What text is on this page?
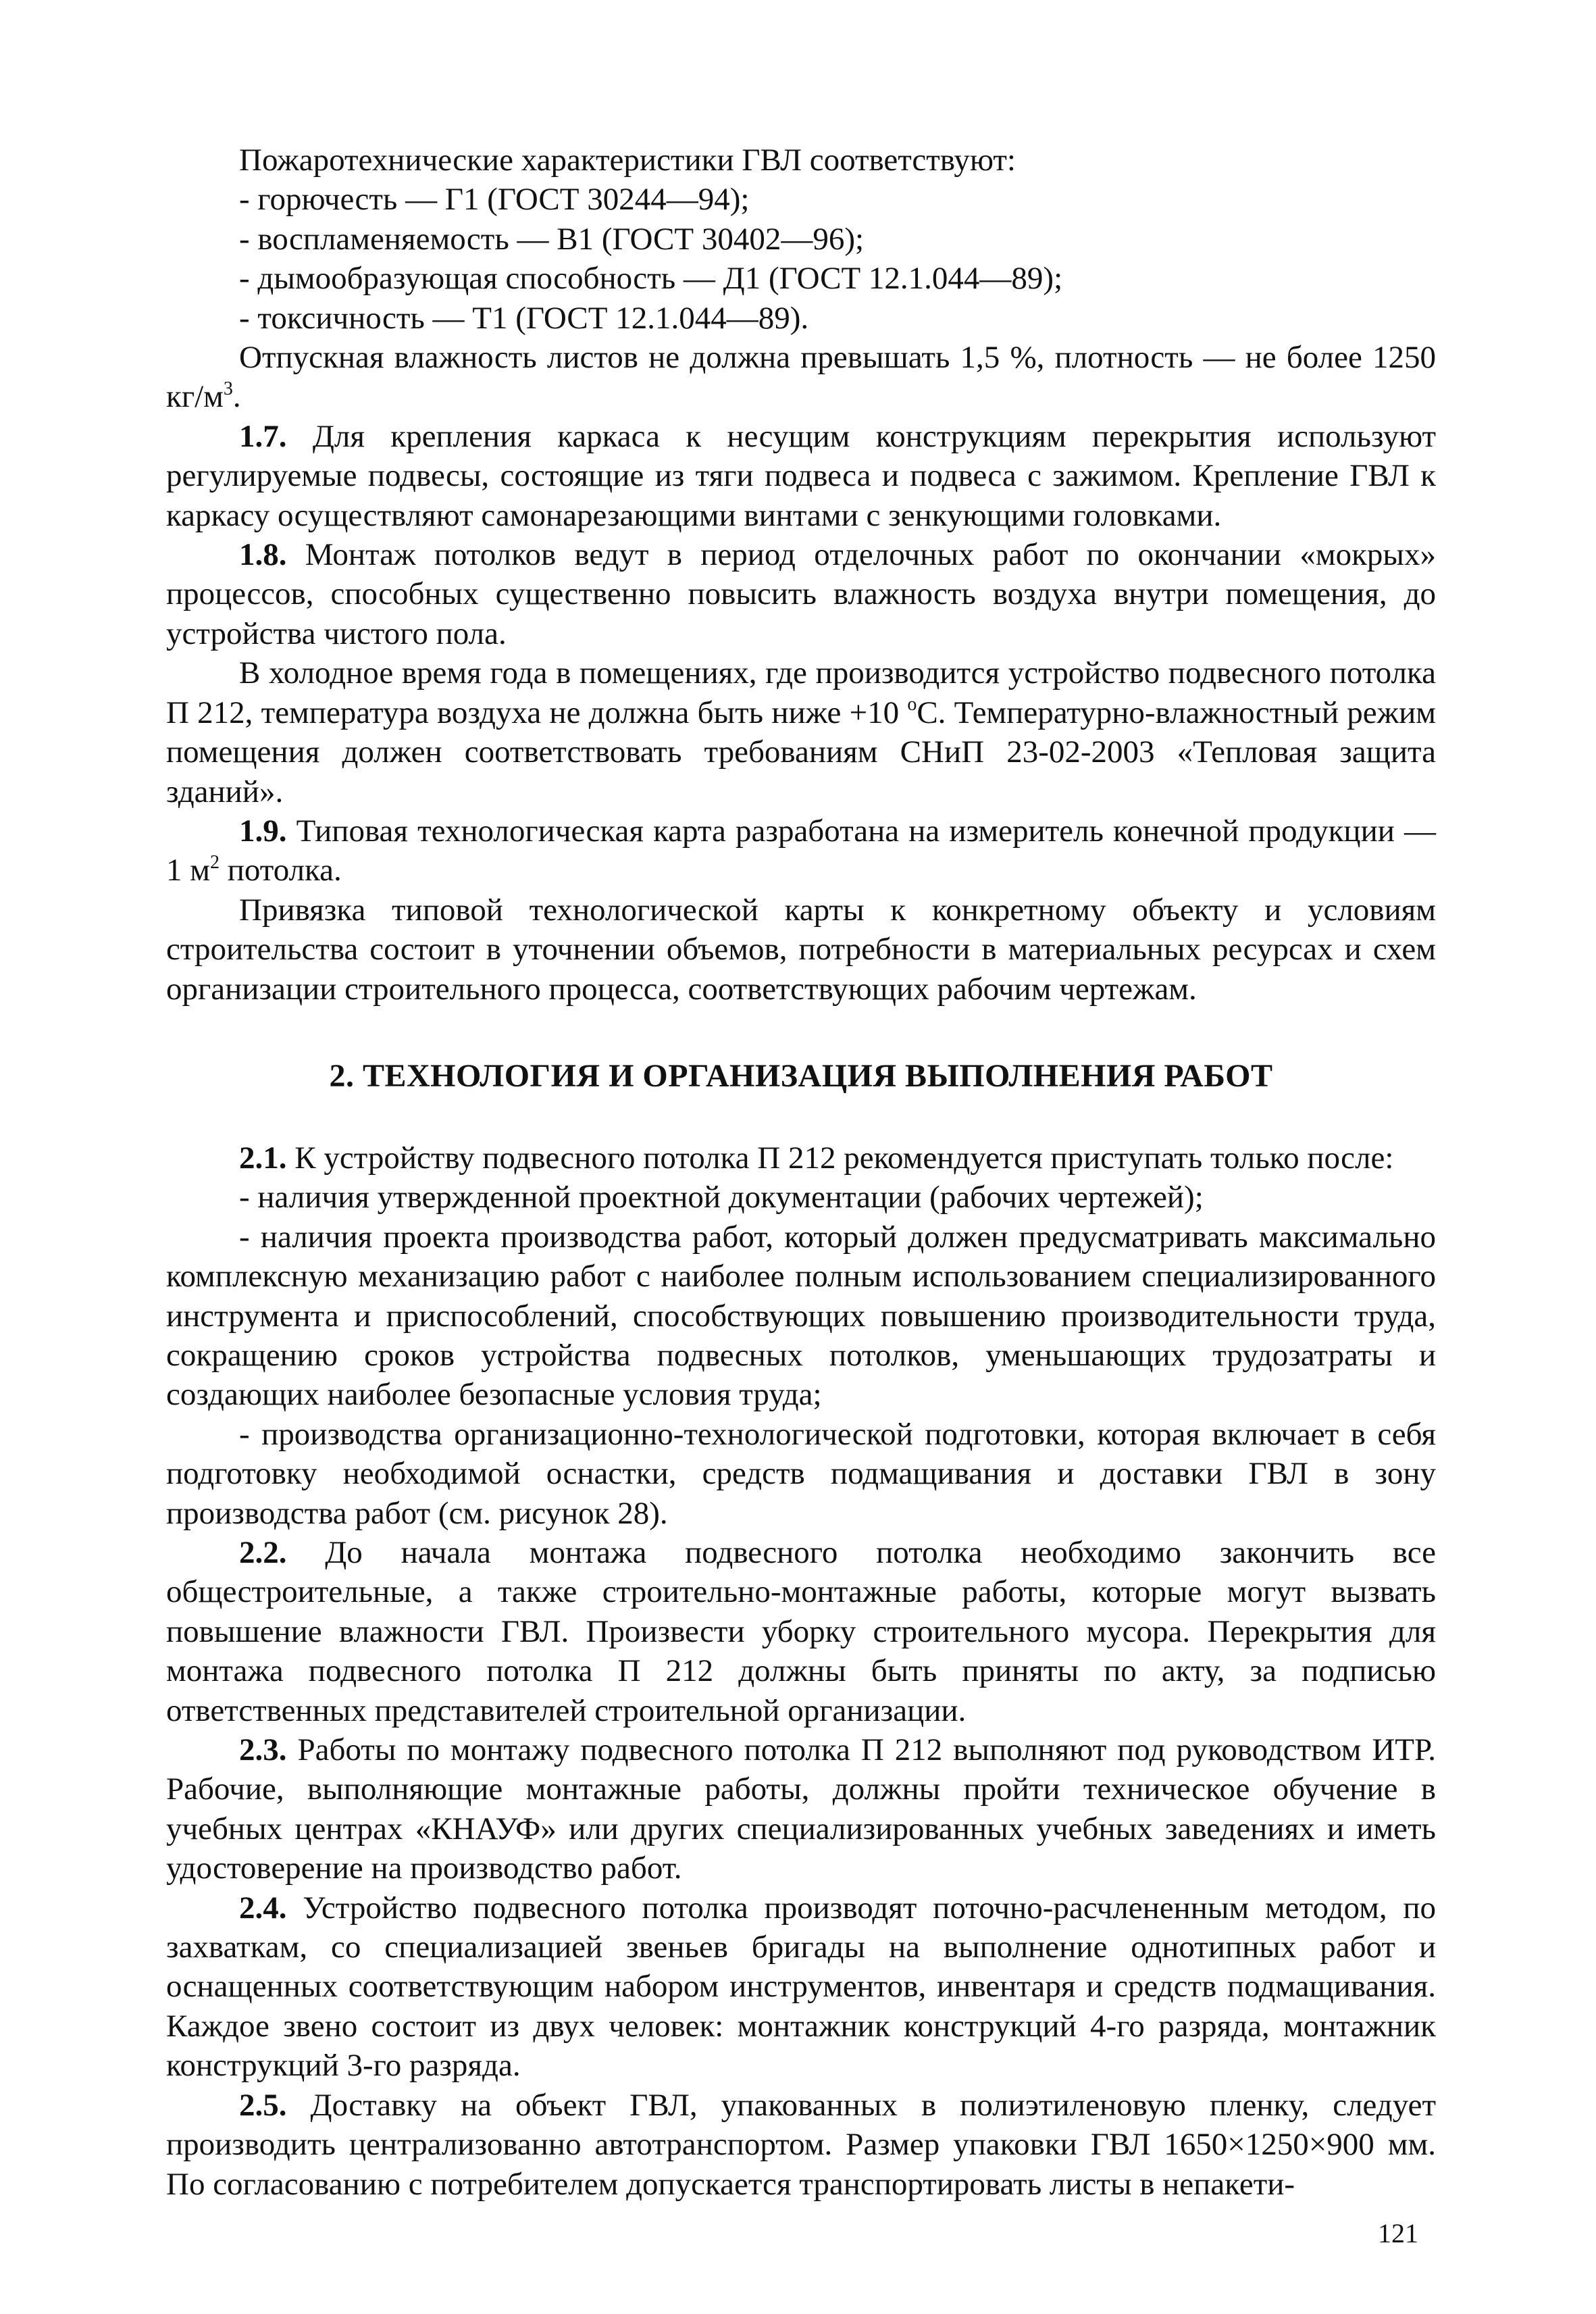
Пожаротехнические характеристики ГВЛ соответствуют:

- горючесть — Г1 (ГОСТ 30244—94);

- воспламеняемость — В1 (ГОСТ 30402—96);

- дымообразующая способность — Д1 (ГОСТ 12.1.044—89);

- токсичность — Т1 (ГОСТ 12.1.044—89).

Отпускная влажность листов не должна превышать 1,5 %, плотность — не более 1250 $кг/м^3$.

1.7. Для крепления каркаса к несущим конструкциям перекрытия используют регулируемые подвесы, состоящие из тяги подвеса и подвеса с зажимом. Крепление ГВЛ к каркасу осуществляют самонарезающими винтами с зенкующими головками.

1.8. Монтаж потолков ведут в период отделочных работ по окончании «мокрых» процессов, способных существенно повысить влажность воздуха внутри помещения, до устройства чистого пола.

В холодное время года в помещениях, где производится устройство подвесного потолка П 212, температура воздуха не должна быть ниже +10 $^o$С. Температурно-влажностный режим помещения должен соответствовать требованиям СНиП 23-02-2003 «Тепловая защита зданий».

1.9. Типовая технологическая карта разработана на измеритель конечной продукции — 1 $м^2$ потолка.

Привязка типовой технологической карты к конкретному объекту и условиям строительства состоит в уточнении объемов, потребности в материальных ресурсах и схем организации строительного процесса, соответствующих рабочим чертежам.

2. ТЕХНОЛОГИЯ И ОРГАНИЗАЦИЯ ВЫПОЛНЕНИЯ РАБОТ

2.1. К устройству подвесного потолка П 212 рекомендуется приступать только после:

- наличия утвержденной проектной документации (рабочих чертежей);

- наличия проекта производства работ, который должен предусматривать максимально комплексную механизацию работ с наиболее полным использованием специализированного инструмента и приспособлений, способствующих повышению производительности труда, сокращению сроков устройства подвесных потолков, уменьшающих трудозатраты и создающих наиболее безопасные условия труда;

- производства организационно-технологической подготовки, которая включает в себя подготовку необходимой оснастки, средств подмащивания и доставки ГВЛ в зону производства работ (см. рисунок 28).

2.2. До начала монтажа подвесного потолка необходимо закончить все общестроительные, а также строительно-монтажные работы, которые могут вызвать повышение влажности ГВЛ. Произвести уборку строительного мусора. Перекрытия для монтажа подвесного потолка П 212 должны быть приняты по акту, за подписью ответственных представителей строительной организации.

2.3. Работы по монтажу подвесного потолка П 212 выполняют под руководством ИТР. Рабочие, выполняющие монтажные работы, должны пройти техническое обучение в учебных центрах «КНАУФ» или других специализированных учебных заведениях и иметь удостоверение на производство работ.

2.4. Устройство подвесного потолка производят поточно-расчлененным методом, по захваткам, со специализацией звеньев бригады на выполнение однотипных работ и оснащенных соответствующим набором инструментов, инвентаря и средств подмащивания. Каждое звено состоит из двух человек: монтажник конструкций 4-го разряда, монтажник конструкций 3-го разряда.

2.5. Доставку на объект ГВЛ, упакованных в полиэтиленовую пленку, следует производить централизованно автотранспортом. Размер упаковки ГВЛ 1650×1250×900 мм. По согласованию с потребителем допускается транспортировать листы в непакети-

121
